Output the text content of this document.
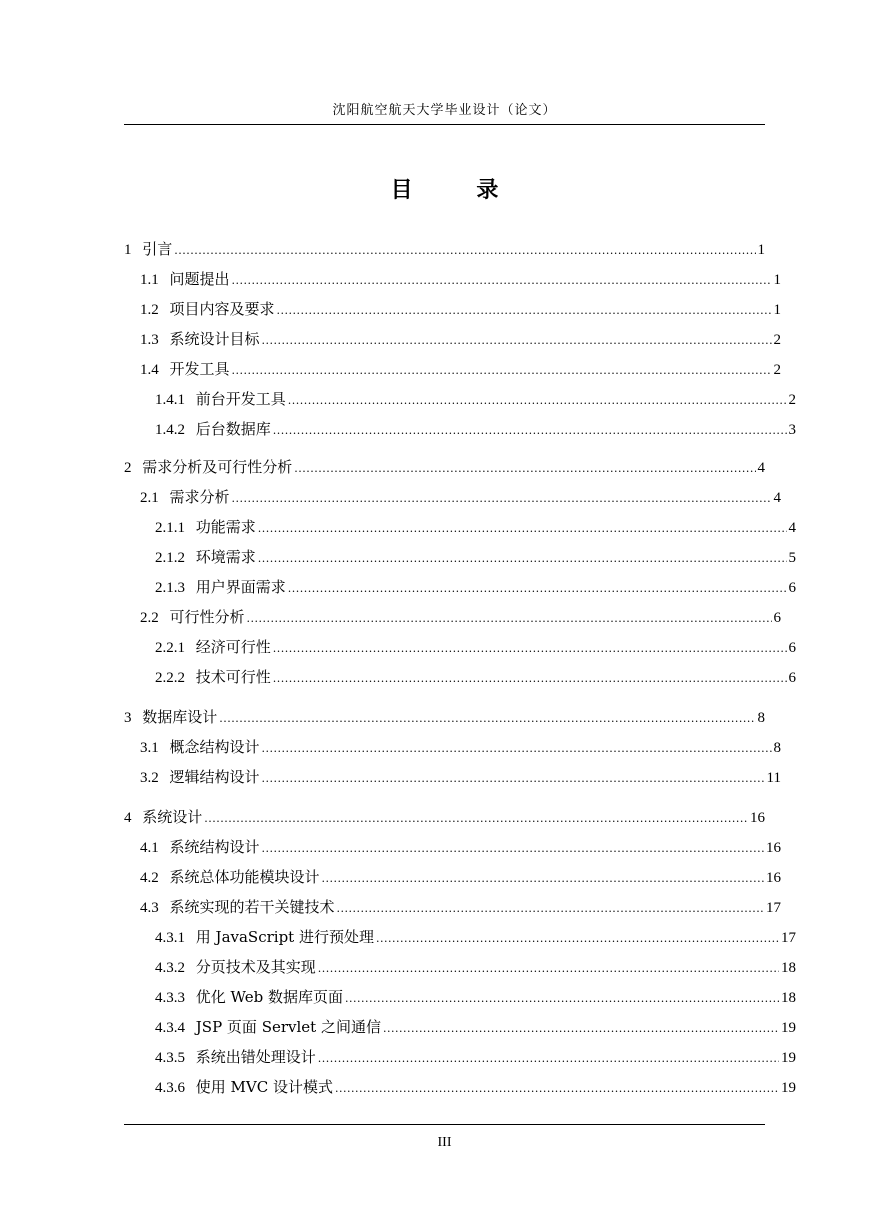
沈阳航空航天大学毕业设计（论文）
目 录
1 引言 .....	1
1.1 问题提出 .....	1
1.2 项目内容及要求 .....	1
1.3 系统设计目标 .....	2
1.4 开发工具 .....	2
1.4.1 前台开发工具 .....	2
1.4.2 后台数据库 .....	3
2 需求分析及可行性分析 .....	4
2.1 需求分析 .....	4
2.1.1 功能需求 .....	4
2.1.2 环境需求 .....	5
2.1.3 用户界面需求 .....	6
2.2 可行性分析 .....	6
2.2.1 经济可行性 .....	6
2.2.2 技术可行性 .....	6
3 数据库设计 .....	8
3.1 概念结构设计 .....	8
3.2 逻辑结构设计 .....	11
4 系统设计 .....	16
4.1 系统结构设计 .....	16
4.2 系统总体功能模块设计 .....	16
4.3 系统实现的若干关键技术 .....	17
4.3.1 用 JavaScript 进行预处理 .....	17
4.3.2 分页技术及其实现 .....	18
4.3.3 优化 Web 数据库页面 .....	18
4.3.4 JSP 页面 Servlet 之间通信 .....	19
4.3.5 系统出错处理设计 .....	19
4.3.6 使用 MVC 设计模式 .....	19
III
